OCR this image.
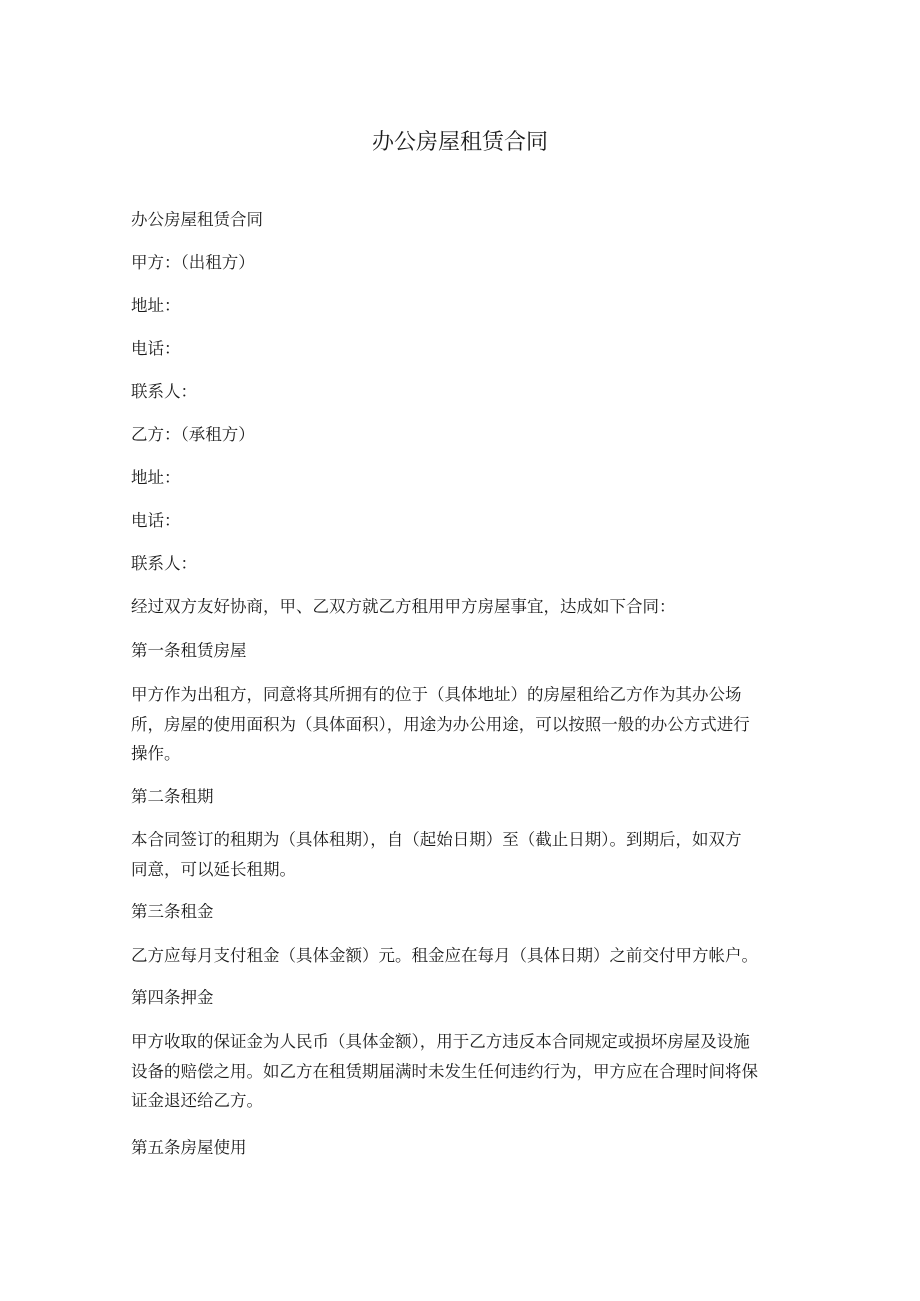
办公房屋租赁合同
办公房屋租赁合同
甲方：（出租方）
地址：
电话：
联系人：
乙方：（承租方）
地址：
电话：
联系人：
经过双方友好协商，甲、乙双方就乙方租用甲方房屋事宜，达成如下合同：
第一条租赁房屋
甲方作为出租方，同意将其所拥有的位于（具体地址）的房屋租给乙方作为其办公场
所，房屋的使用面积为（具体面积），用途为办公用途，可以按照一般的办公方式进行
操作。
第二条租期
本合同签订的租期为（具体租期），自（起始日期）至（截止日期）。到期后，如双方
同意，可以延长租期。
第三条租金
乙方应每月支付租金（具体金额）元。租金应在每月（具体日期）之前交付甲方帐户。
第四条押金
甲方收取的保证金为人民币（具体金额），用于乙方违反本合同规定或损坏房屋及设施
设备的赔偿之用。如乙方在租赁期届满时未发生任何违约行为，甲方应在合理时间将保
证金退还给乙方。
第五条房屋使用
